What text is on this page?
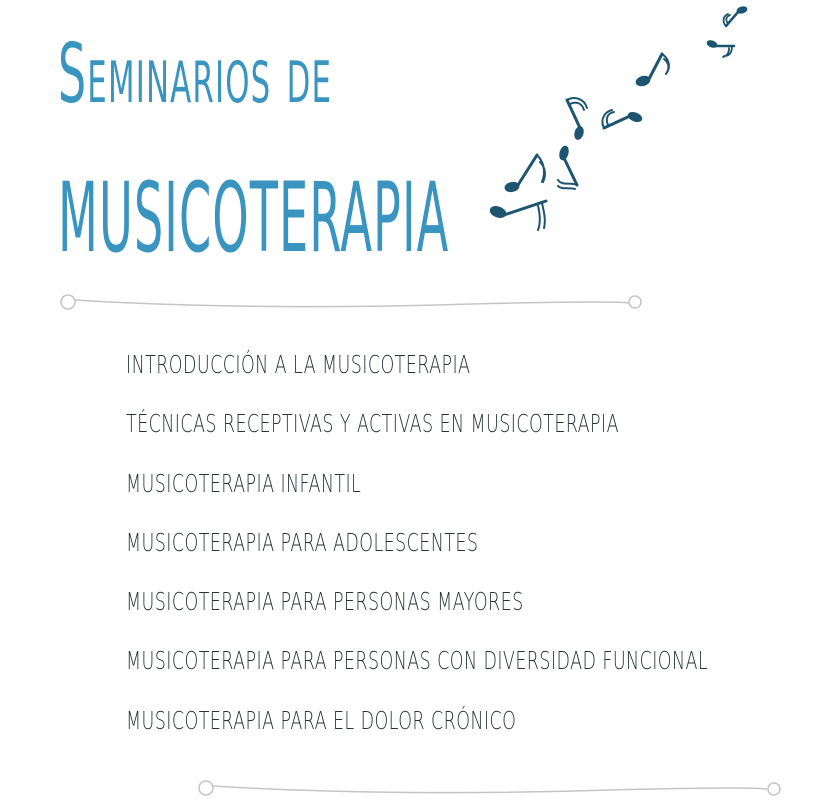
Seminarios de
MUSICOTERAPIA
INTRODUCCIÓN A LA MUSICOTERAPIA
TÉCNICAS RECEPTIVAS Y ACTIVAS EN MUSICOTERAPIA
MUSICOTERAPIA INFANTIL
MUSICOTERAPIA PARA ADOLESCENTES
MUSICOTERAPIA PARA PERSONAS MAYORES
MUSICOTERAPIA PARA PERSONAS CON DIVERSIDAD FUNCIONAL
MUSICOTERAPIA PARA EL DOLOR CRÓNICO
